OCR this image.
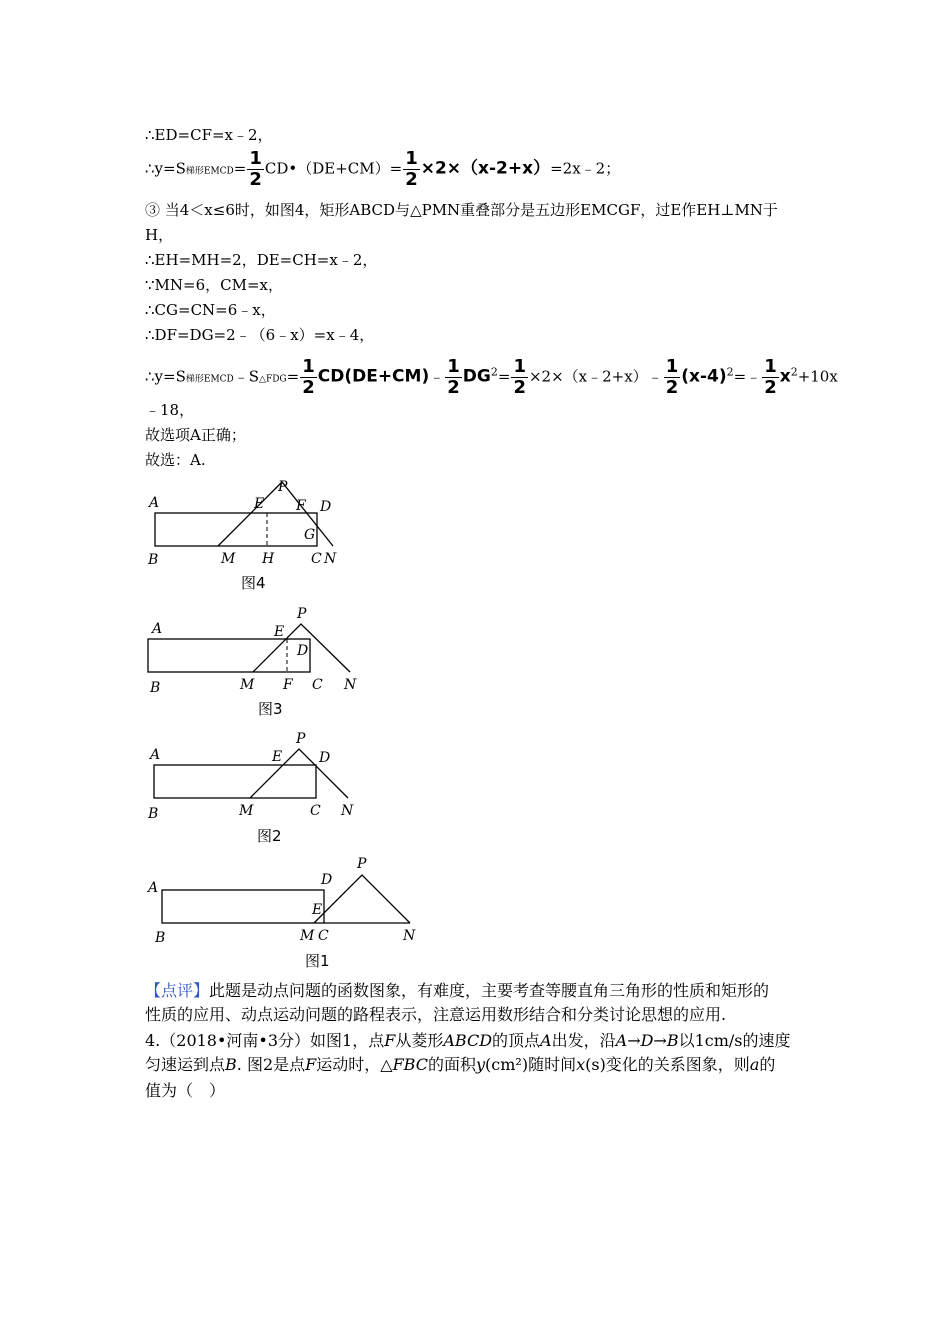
∴ED=CF=x﹣2，
∴y=S梯形EMCD= $\frac{1}{2}$ CD•（DE+CM）= $\frac{1}{2}$ ×2×（x-2+x）=2x﹣2；
③ 当4＜x≤6时，如图4，矩形ABCD与△PMN重叠部分是五边形EMCGF，过E作EH⊥MN于
H，
∴EH=MH=2，DE=CH=x﹣2，
∵MN=6，CM=x，
∴CG=CN=6﹣x，
∴DF=DG=2﹣（6﹣x）=x﹣4，
∴y=S梯形EMCD﹣S△FDG= $\frac{1}{2}$ CD(DE+CM)﹣ $\frac{1}{2} DG^2= \frac{1}{2}$ ×2×（x﹣2+x）﹣ $\frac{1}{2}$ $(x-4)^2=﹣ \frac{1}{2} x^2+10x$
﹣18，
故选项A正确；
故选：A.
A
B
E
P
F D
G
M H	C N
图4
A
B
E
P
D
M F C N
图3
A
B
E
P
D
M	C N
图2
A
B
D
P
E
M C	N
图1
【点评】此题是动点问题的函数图象，有难度，主要考查等腰直角三角形的性质和矩形的
性质的应用、动点运动问题的路程表示，注意运用数形结合和分类讨论思想的应用.
4.（2018•河南•3分）如图1，点F从菱形ABCD的顶点A出发，沿A→D→B以1cm/s的速度
匀速运到点B. 图2是点F运动时，△FBC的面积y(cm²)随时间x(s)变化的关系图象，则a的
值为（　）
